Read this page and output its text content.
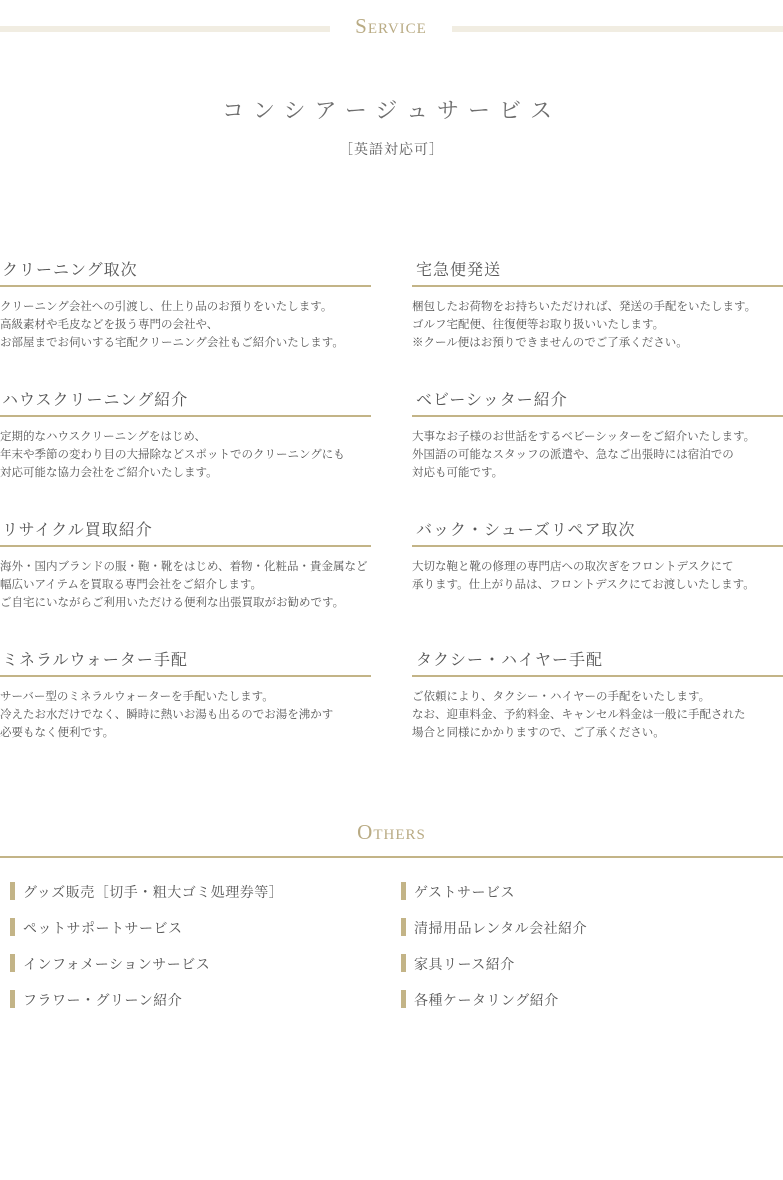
Service
コンシアージュサービス
［英語対応可］
クリーニング取次

クリーニング会社への引渡し、仕上り品のお預りをいたします。
高級素材や毛皮などを扱う専門の会社や、
お部屋までお伺いする宅配クリーニング会社もご紹介いたします。

宅急便発送

梱包したお荷物をお持ちいただければ、発送の手配をいたします。
ゴルフ宅配便、往復便等お取り扱いいたします。
※クール便はお預りできませんのでご了承ください。

ハウスクリーニング紹介

定期的なハウスクリーニングをはじめ、
年末や季節の変わり目の大掃除などスポットでのクリーニングにも
対応可能な協力会社をご紹介いたします。

ベビーシッター紹介

大事なお子様のお世話をするベビーシッターをご紹介いたします。
外国語の可能なスタッフの派遣や、急なご出張時には宿泊での
対応も可能です。

リサイクル買取紹介

海外・国内ブランドの服・鞄・靴をはじめ、着物・化粧品・貴金属など
幅広いアイテムを買取る専門会社をご紹介します。
ご自宅にいながらご利用いただける便利な出張買取がお勧めです。

バック・シューズリペア取次

大切な鞄と靴の修理の専門店への取次ぎをフロントデスクにて
承ります。仕上がり品は、フロントデスクにてお渡しいたします。

ミネラルウォーター手配

サーバー型のミネラルウォーターを手配いたします。
冷えたお水だけでなく、瞬時に熱いお湯も出るのでお湯を沸かす
必要もなく便利です。

タクシー・ハイヤー手配

ご依頼により、タクシー・ハイヤーの手配をいたします。
なお、迎車料金、予約料金、キャンセル料金は一般に手配された
場合と同様にかかりますので、ご了承ください。

Others
グッズ販売［切手・粗大ゴミ処理券等］
ペットサポートサービス
インフォメーションサービス
フラワー・グリーン紹介
ゲストサービス
清掃用品レンタル会社紹介
家具リース紹介
各種ケータリング紹介
